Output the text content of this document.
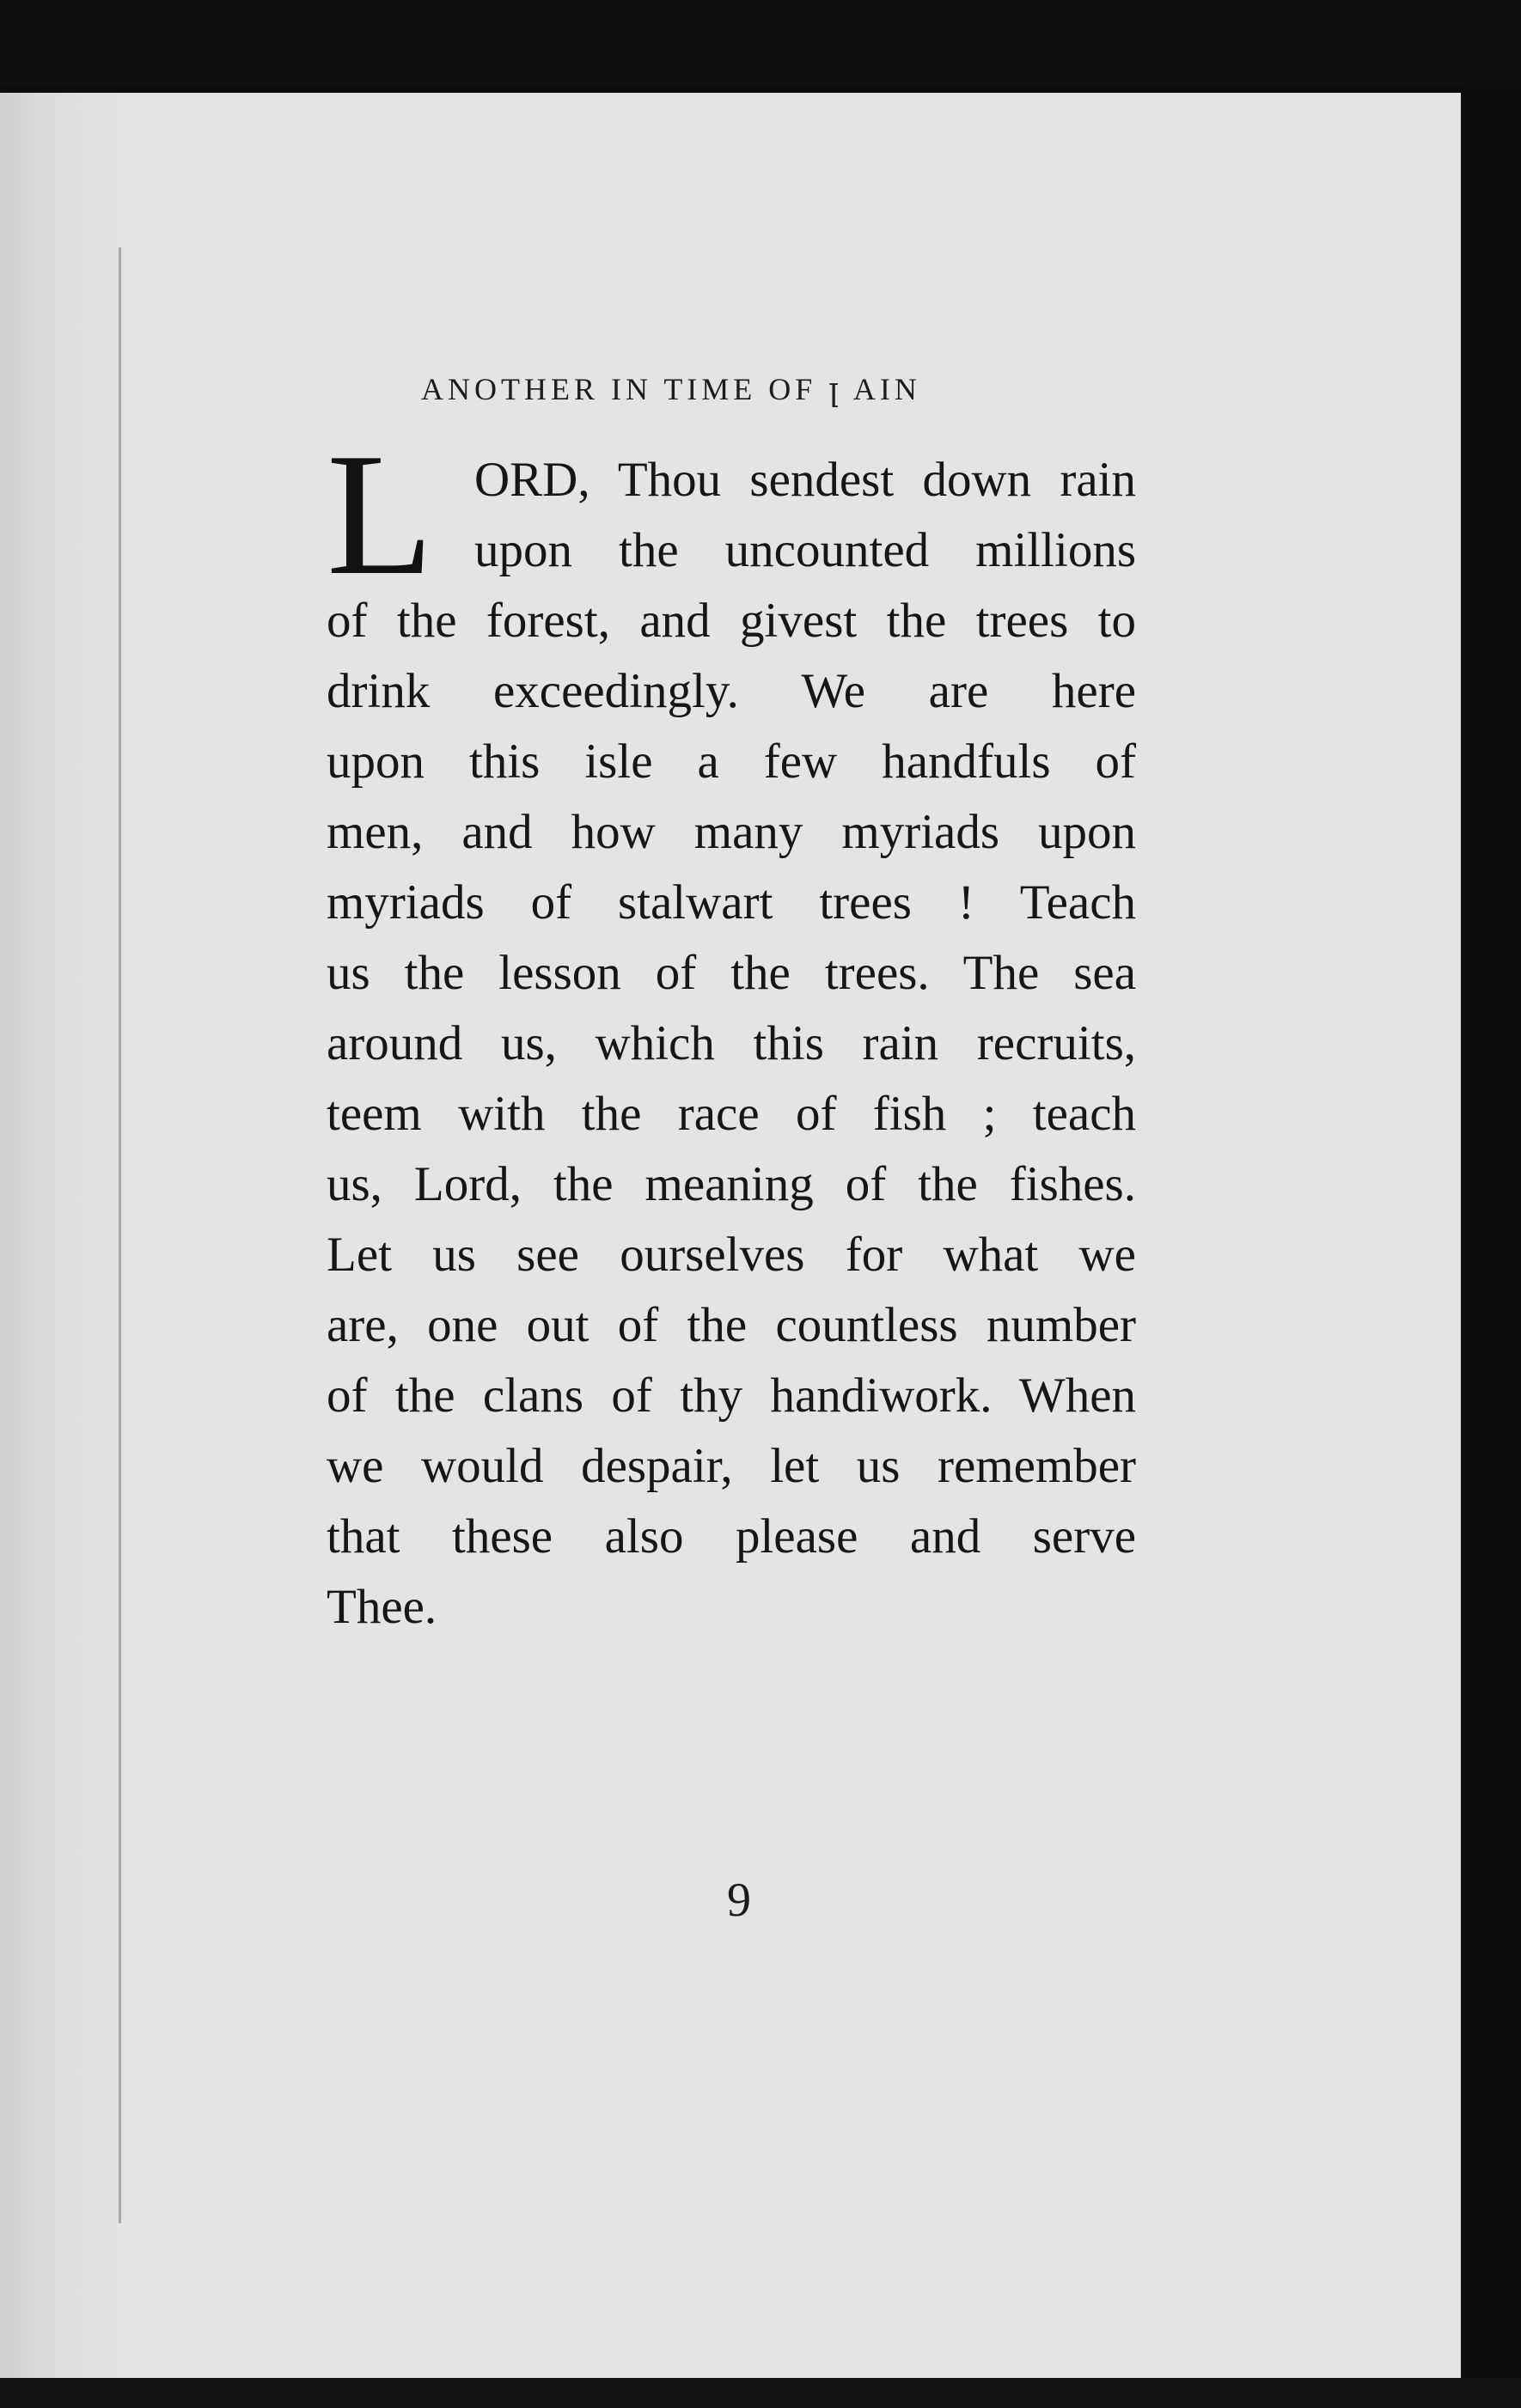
ANOTHER IN TIME OF ꞁ AIN
L ORD, Thou sendest down rain
upon the uncounted millions
of the forest, and givest the trees to
drink exceedingly. We are here
upon this isle a few handfuls of
men, and how many myriads upon
myriads of stalwart trees ! Teach
us the lesson of the trees. The sea
around us, which this rain recruits,
teem with the race of fish ; teach
us, Lord, the meaning of the fishes.
Let us see ourselves for what we
are, one out of the countless number
of the clans of thy handiwork. When
we would despair, let us remember
that these also please and serve
Thee.
9
